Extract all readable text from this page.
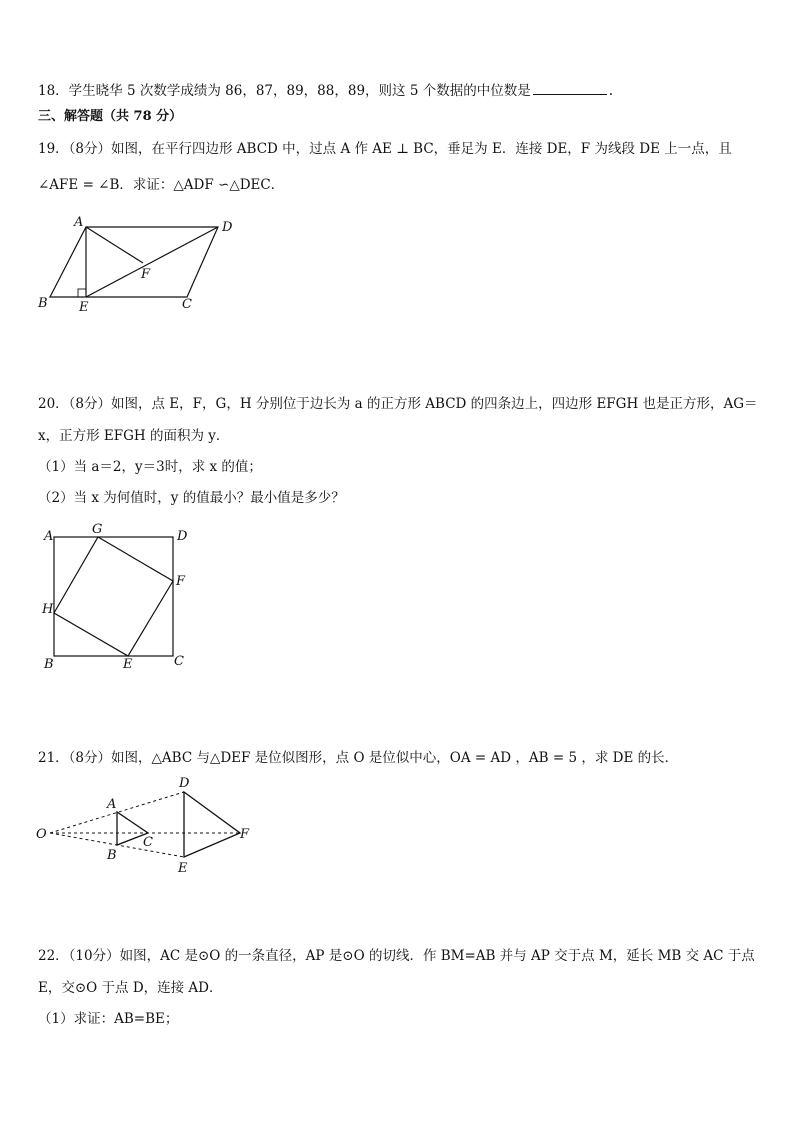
18．学生晓华 5 次数学成绩为 86，87，89，88，89，则这 5 个数据的中位数是	.
三、解答题（共 78 分）
19．（8分）如图，在平行四边形 ABCD 中，过点 A 作 AE ⊥ BC，垂足为 E．连接 DE，F 为线段 DE 上一点，且
∠AFE = ∠B．求证：△ADF ∽△DEC．
A	D
F
B E	C
20．（8分）如图，点 E，F，G，H 分别位于边长为 a 的正方形 ABCD 的四条边上，四边形 EFGH 也是正方形，AG＝
x，正方形 EFGH 的面积为 y．
（1）当 a＝2，y＝3时，求 x 的值；
（2）当 x 为何值时，y 的值最小？最小值是多少？
A	G	D
F
H
B	E	C
21．（8分）如图，△ABC 与△DEF 是位似图形，点 O 是位似中心，OA = AD ，AB = 5 ，求 DE 的长．
O
A
B
C
D
E
F
22．（10分）如图，AC 是⊙O 的一条直径，AP 是⊙O 的切线．作 BM=AB 并与 AP 交于点 M，延长 MB 交 AC 于点
E，交⊙O 于点 D，连接 AD．
（1）求证：AB=BE；
